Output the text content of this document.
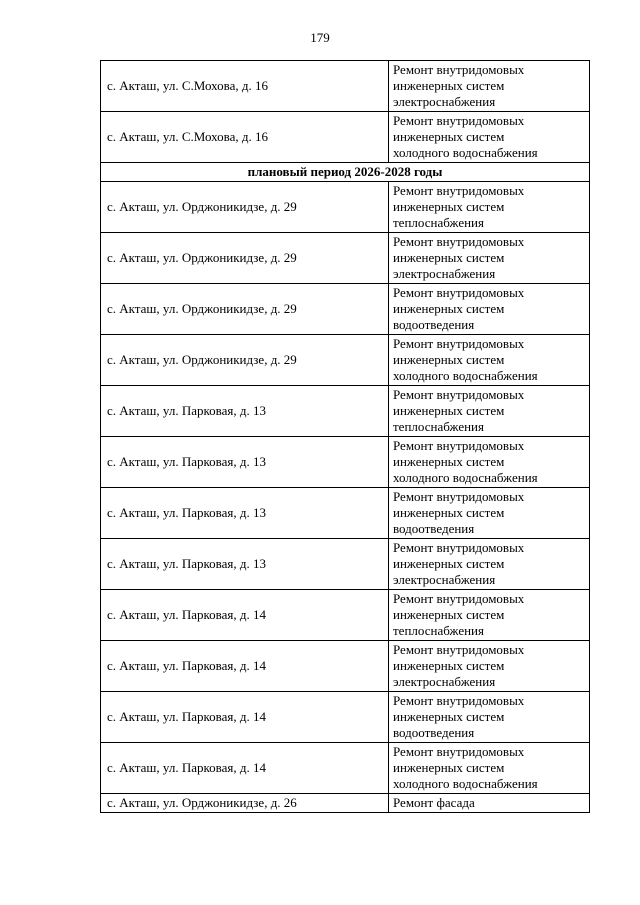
179
с. Акташ, ул. С.Мохова, д. 16	Ремонт внутридомовых
инженерных систем
электроснабжения

с. Акташ, ул. С.Мохова, д. 16	Ремонт внутридомовых
инженерных систем
холодного водоснабжения

плановый период 2026-2028 годы	
с. Акташ, ул. Орджоникидзе, д. 29	Ремонт внутридомовых
инженерных систем
теплоснабжения

с. Акташ, ул. Орджоникидзе, д. 29	Ремонт внутридомовых
инженерных систем
электроснабжения

с. Акташ, ул. Орджоникидзе, д. 29	Ремонт внутридомовых
инженерных систем
водоотведения

с. Акташ, ул. Орджоникидзе, д. 29	Ремонт внутридомовых
инженерных систем
холодного водоснабжения

с. Акташ, ул. Парковая, д. 13	Ремонт внутридомовых
инженерных систем
теплоснабжения

с. Акташ, ул. Парковая, д. 13	Ремонт внутридомовых
инженерных систем
холодного водоснабжения

с. Акташ, ул. Парковая, д. 13	Ремонт внутридомовых
инженерных систем
водоотведения

с. Акташ, ул. Парковая, д. 13	Ремонт внутридомовых
инженерных систем
электроснабжения

с. Акташ, ул. Парковая, д. 14	Ремонт внутридомовых
инженерных систем
теплоснабжения

с. Акташ, ул. Парковая, д. 14	Ремонт внутридомовых
инженерных систем
электроснабжения

с. Акташ, ул. Парковая, д. 14	Ремонт внутридомовых
инженерных систем
водоотведения

с. Акташ, ул. Парковая, д. 14	Ремонт внутридомовых
инженерных систем
холодного водоснабжения

с. Акташ, ул. Орджоникидзе, д. 26	Ремонт фасада
